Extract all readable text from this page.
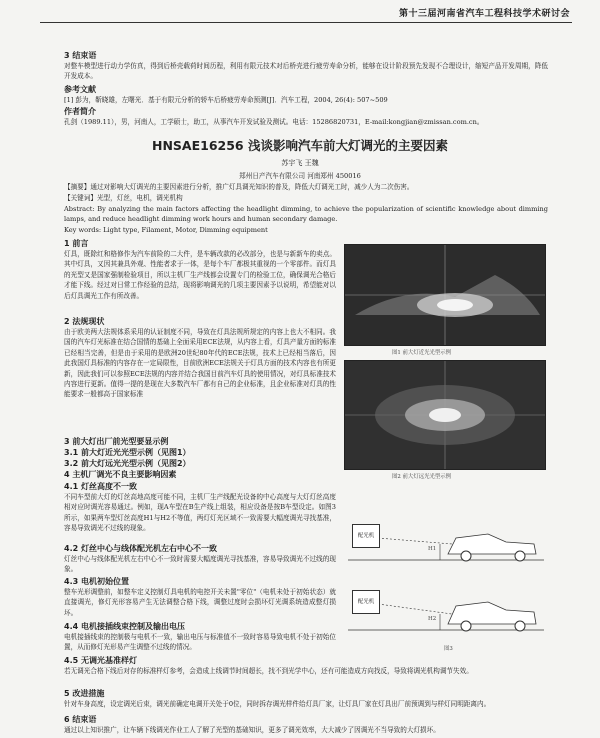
第十三届河南省汽车工程科技学术研讨会
3 结束语
对整车模型进行动力学仿真，得到后桥壳载荷时间历程，利用有限元技术对后桥壳进行疲劳寿命分析，能够在设计阶段预先发现不合理设计，缩短产品开发周期，降低开发成本。
参考文献
[1] 彭为，靳晓雄，左曙光．基于有限元分析的轿车后桥疲劳寿命预测[J]．汽车工程，2004, 26(4): 507~509
作者简介
孔剑（1989.11），男，河南人，工学硕士，助工，从事汽车开发试验及测试。电话：15286820731，E-mail:kongjian@zmissan.com.cn。
HNSAE16256 浅谈影响汽车前大灯调光的主要因素
苏宇飞 王魏
郑州日产汽车有限公司 河南郑州 450016
【摘要】通过对影响大灯调光的主要因素进行分析，推广灯具调光知识的普及，降低大灯调光工时，减少人为二次伤害。
【关键词】光型，灯丝，电机，调光机构
Abstract: By analyzing the main factors affecting the headlight dimming, to achieve the popularization of scientific knowledge about dimming lamps, and reduce headlight dimming work hours and human secondary damage.
Key words: Light type, Filament, Motor, Dimming equipment
1 前言
灯具，既除红和格修作为汽车前险的二大件，是车辆改款的必改部分，也是与新新车的卖点。其中灯具，又因其兼具外观、性能者求于一体，是每个车厂都极其重视的一个零部件。而灯具的光型又是国家强制检验项目，所以主机厂生产线都会设置专门的检验工位，确保调光合格后才能下线。经过对日常工作经验的总结，现将影响调光的几项主要因素予以说明，希望能对以后灯具调光工作有所改善。
2 法规现状
由于欧美两大法规体系采用的认证制度不同，导致在灯具法规所规定的内容上也大不相同。我国的汽车灯光标准在结合国情的基础上全面采用ECE法规，从内容上看，灯具产量方面的标准已经相当完善，但是由于采用的是欧洲20世纪80年代的ECE法规，技术上已经相当落后，因此我国灯具标准的内容存在一定局限性，目前欧洲ECE法规关于灯具方面的技术内容也有所更新，因此我们可以参照ECE法规的内容并结合我国目前汽车灯具的使用情况，对灯具标准技术内容进行更新。值得一提的是现在大多数汽车厂都有自己的企业标准，且企业标准对灯具的性能要求一般都高于国家标准
3 前大灯出厂前光型要显示例
3.1 前大灯近光光型示例（见图1）
3.2 前大灯远光光型示例（见图2）
4 主机厂调光不良主要影响因素
4.1 灯丝高度不一致
不同车型前大灯的灯丝高地高度可能不同，主机厂生产线配光设备的中心高度与大灯灯丝高度相对应时调光容易通过。例如，现A车型在B生产线上组装，相应设备是按B车型设定。如图3所示，如果两车型灯丝高度H1与H2不等值，两灯灯光区域不一致需要大幅度调光寻找基准，容易导致调光不过线的现象。
4.2 灯丝中心与线体配光机左右中心不一致
灯丝中心与线体配光机左右中心不一致时需要大幅度调光寻找基准，容易导致调光不过线的现象。
4.3 电机初始位置
整车光形调整前，如整车定义控制灯具电机的电控开关未置"零位"（电机未处于初始状态）就直接调光，修灯光形容易产生无法调整合格下线，调整过度时会损坏灯光调系统造成整灯损坏。
4.4 电机接插线束控制及输出电压
电机接插线束的控制极与电机不一致，输出电压与标准值不一致时容易导致电机不处于初始位置，从而修灯光形易产生调整不过线的情况。
4.5 无调光基准样灯
若无调光合格下线后对存的标准样灯参考，会造成上线调节时间超长，找不到光学中心，还有可能造成方向找反，导致将调光机构调节失效。
5 改进措施
针对车身高度，设定调光后束，调光前确定电调开关处于0位，同时拆存调光样件给灯具厂家，让灯具厂家在灯具出厂前预调到与样灯同明距离内。
6 结束语
通过以上知识推广，让车辆下线调光作业工人了解了光型的基础知识，更多了调光效率，大大减少了因调光不当导致的大灯损坏。
图1 前大灯近光光型示例
图2 前大灯远光光型示例
配光机
配光机
H1
H2
图3
